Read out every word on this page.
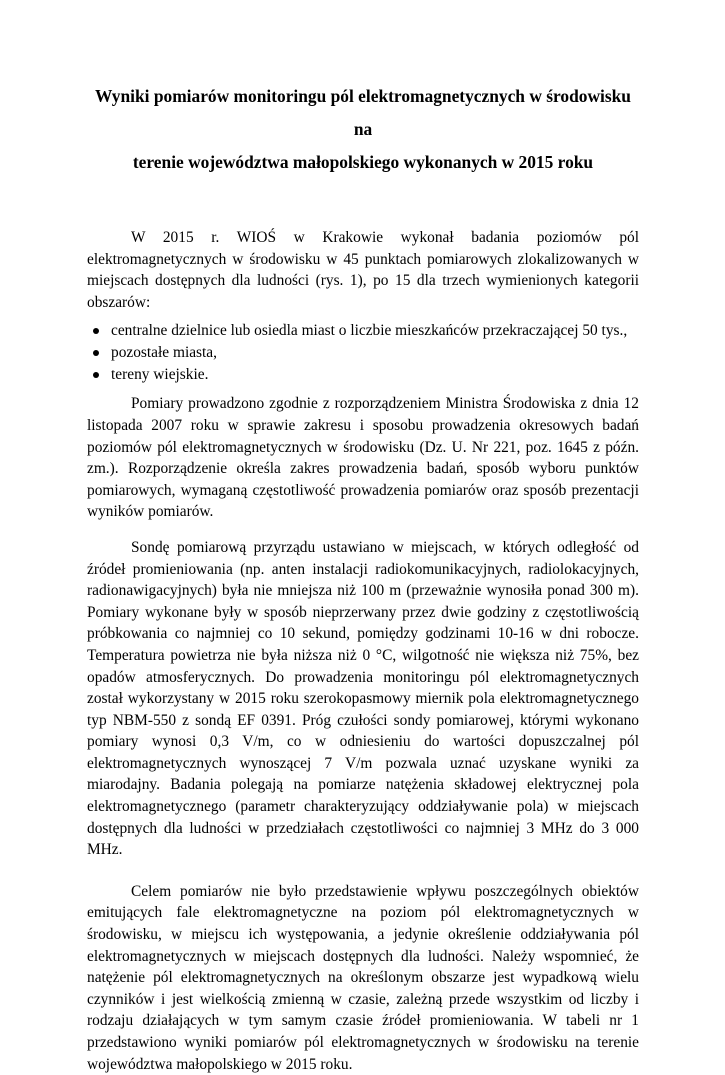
Wyniki pomiarów monitoringu pól elektromagnetycznych w środowisku na
terenie województwa małopolskiego wykonanych w 2015 roku

W 2015 r. WIOŚ w Krakowie wykonał badania poziomów pól elektromagnetycznych w środowisku w 45 punktach pomiarowych zlokalizowanych w miejscach dostępnych dla ludności (rys. 1), po 15 dla trzech wymienionych kategorii obszarów:

centralne dzielnice lub osiedla miast o liczbie mieszkańców przekraczającej 50 tys.,
pozostałe miasta,
tereny wiejskie.

Pomiary prowadzono zgodnie z rozporządzeniem Ministra Środowiska z dnia 12 listopada 2007 roku w sprawie zakresu i sposobu prowadzenia okresowych badań poziomów pól elektromagnetycznych w środowisku (Dz. U. Nr 221, poz. 1645 z późn. zm.). Rozporządzenie określa zakres prowadzenia badań, sposób wyboru punktów pomiarowych, wymaganą częstotliwość prowadzenia pomiarów oraz sposób prezentacji wyników pomiarów.

Sondę pomiarową przyrządu ustawiano w miejscach, w których odległość od źródeł promieniowania (np. anten instalacji radiokomunikacyjnych, radiolokacyjnych, radionawigacyjnych) była nie mniejsza niż 100 m (przeważnie wynosiła ponad 300 m). Pomiary wykonane były w sposób nieprzerwany przez dwie godziny z częstotliwością próbkowania co najmniej co 10 sekund, pomiędzy godzinami 10-16 w dni robocze. Temperatura powietrza nie była niższa niż 0 °C, wilgotność nie większa niż 75%, bez opadów atmosferycznych. Do prowadzenia monitoringu pól elektromagnetycznych został wykorzystany w 2015 roku szerokopasmowy miernik pola elektromagnetycznego typ NBM-550 z sondą EF 0391. Próg czułości sondy pomiarowej, którymi wykonano pomiary wynosi 0,3 V/m, co w odniesieniu do wartości dopuszczalnej pól elektromagnetycznych wynoszącej 7 V/m pozwala uznać uzyskane wyniki za miarodajny. Badania polegają na pomiarze natężenia składowej elektrycznej pola elektromagnetycznego (parametr charakteryzujący oddziaływanie pola) w miejscach dostępnych dla ludności w przedziałach częstotliwości co najmniej 3 MHz do 3 000 MHz.

Celem pomiarów nie było przedstawienie wpływu poszczególnych obiektów emitujących fale elektromagnetyczne na poziom pól elektromagnetycznych w środowisku, w miejscu ich występowania, a jedynie określenie oddziaływania pól elektromagnetycznych w miejscach dostępnych dla ludności. Należy wspomnieć, że natężenie pól elektromagnetycznych na określonym obszarze jest wypadkową wielu czynników i jest wielkością zmienną w czasie, zależną przede wszystkim od liczby i rodzaju działających w tym samym czasie źródeł promieniowania. W tabeli nr 1 przedstawiono wyniki pomiarów pól elektromagnetycznych w środowisku na terenie województwa małopolskiego w 2015 roku.
